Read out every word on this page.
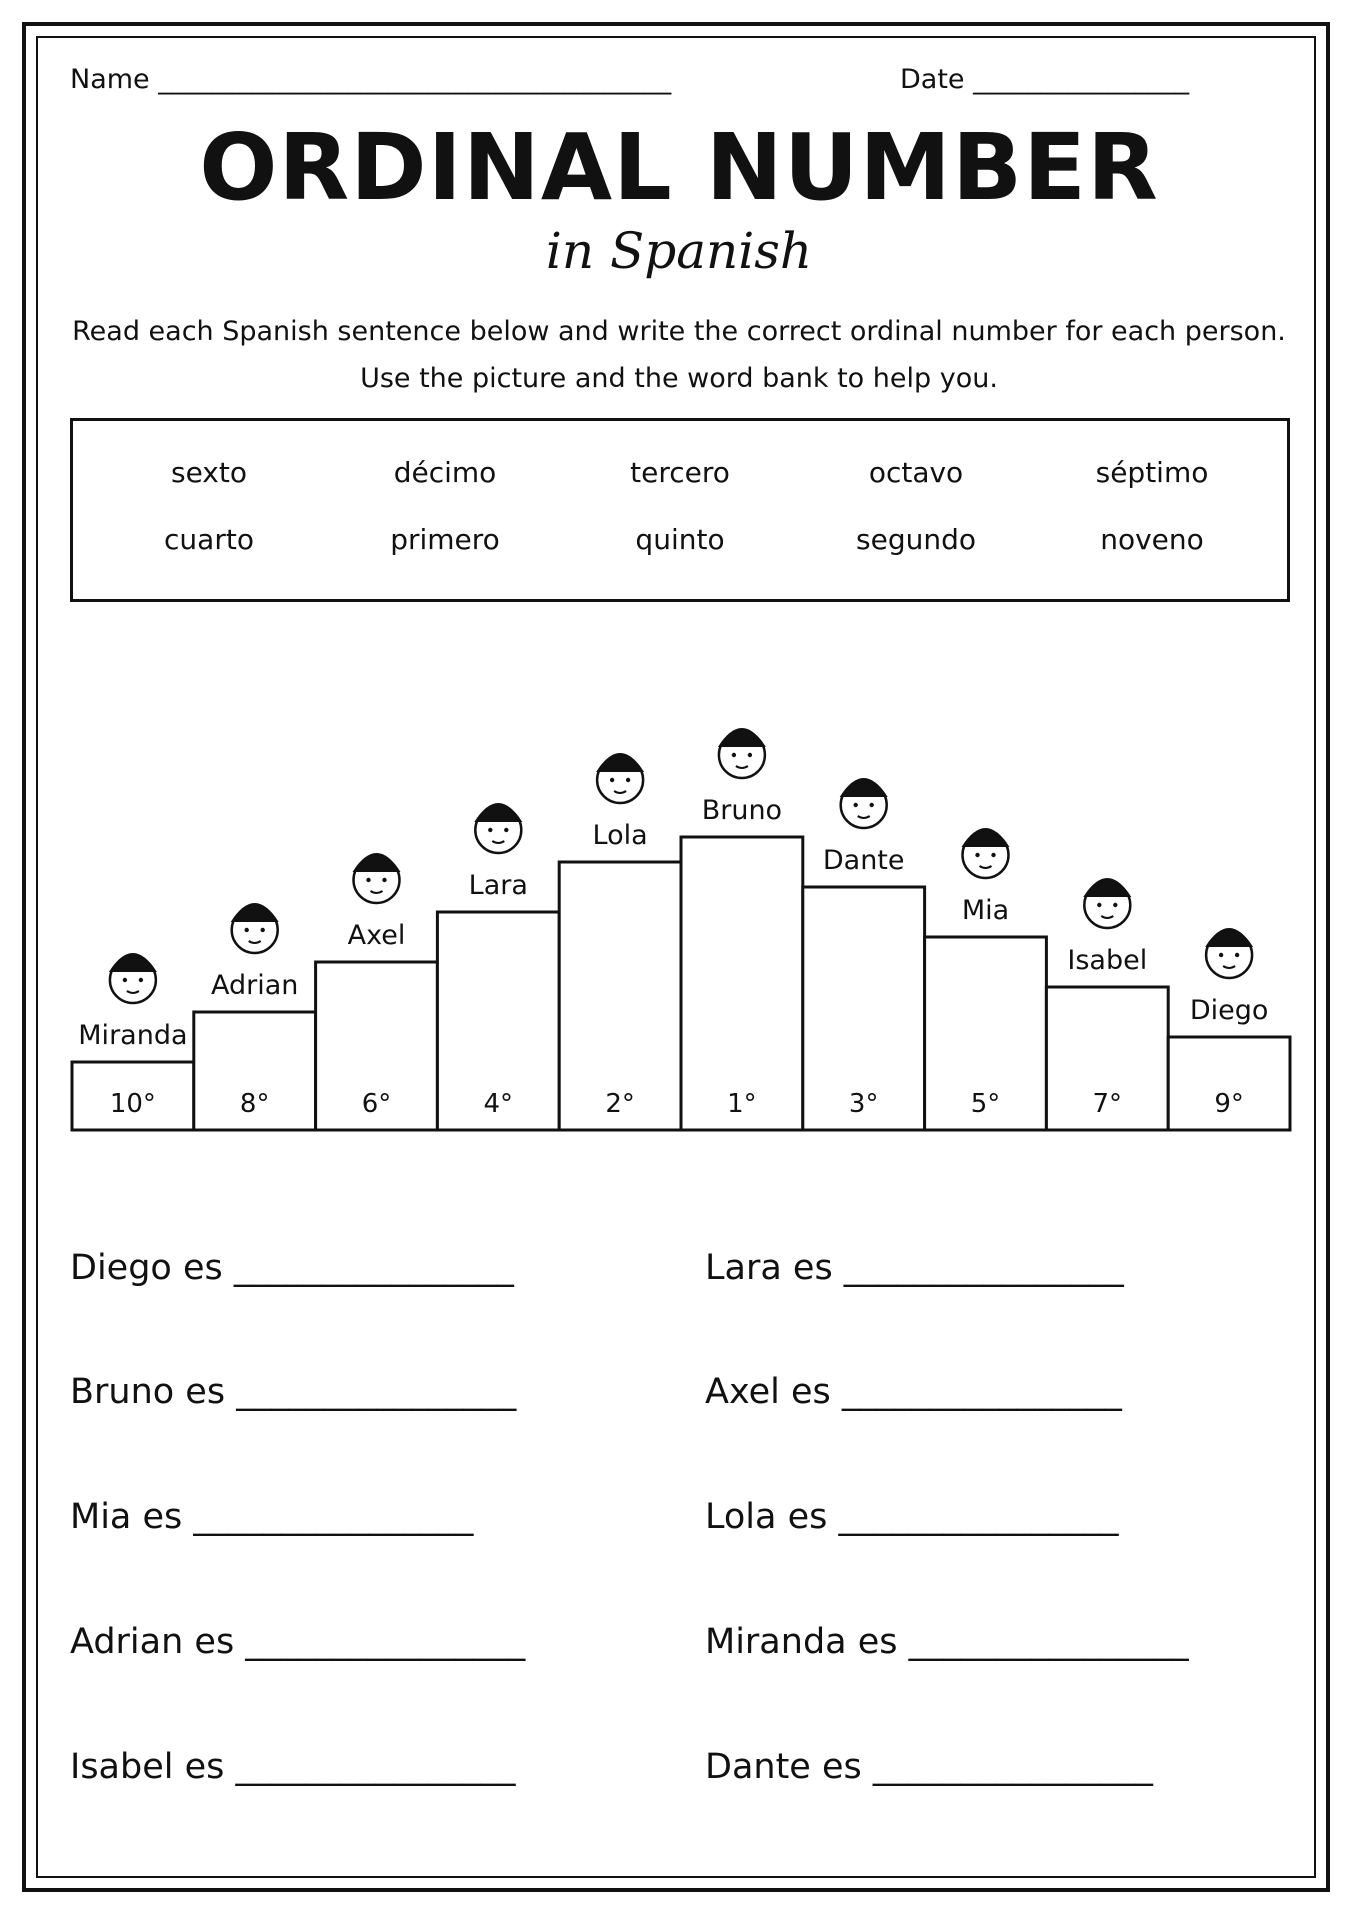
Name ______________________________________	Date ________________
ORDINAL NUMBER
in Spanish
Read each Spanish sentence below and write the correct ordinal number for each person. Use the picture and the word bank to help you.
sexto	décimo	tercero	octavo	séptimo
cuarto	primero	quinto	segundo	noveno
10°
Miranda
8°
Adrian
6°
Axel
4°
Lara
2°
Lola
1°
Bruno
3°
Dante
5°
Mia
7°
Isabel
9°
Diego
Diego es ________________
Bruno es ________________
Mia es ________________
Adrian es ________________
Isabel es ________________
Lara es ________________
Axel es ________________
Lola es ________________
Miranda es ________________
Dante es ________________
